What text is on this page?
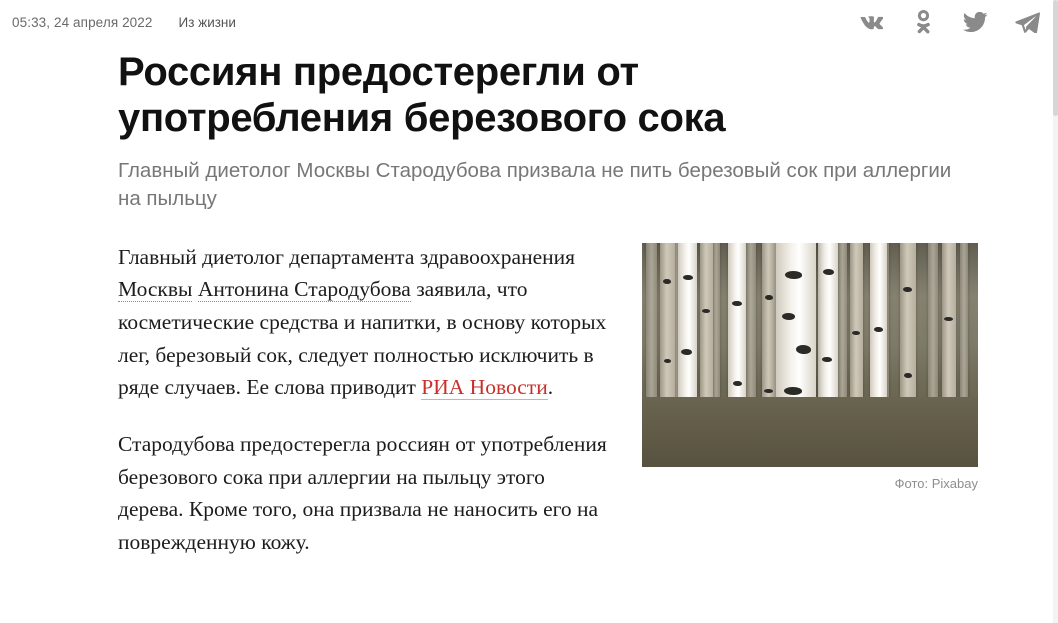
05:33, 24 апреля 2022 Из жизни
Россиян предостерегли от употребления березового сока

Главный диетолог Москвы Стародубова призвала не пить березовый сок при аллергии на пыльцу

Фото: Pixabay

Главный диетолог департамента здравоохранения Москвы Антонина Стародубова заявила, что косметические средства и напитки, в основу которых лег, березовый сок, следует полностью исключить в ряде случаев. Ее слова приводит РИА Новости.

Стародубова предостерегла россиян от употребления березового сока при аллергии на пыльцу этого дерева. Кроме того, она призвала не наносить его на поврежденную кожу.
